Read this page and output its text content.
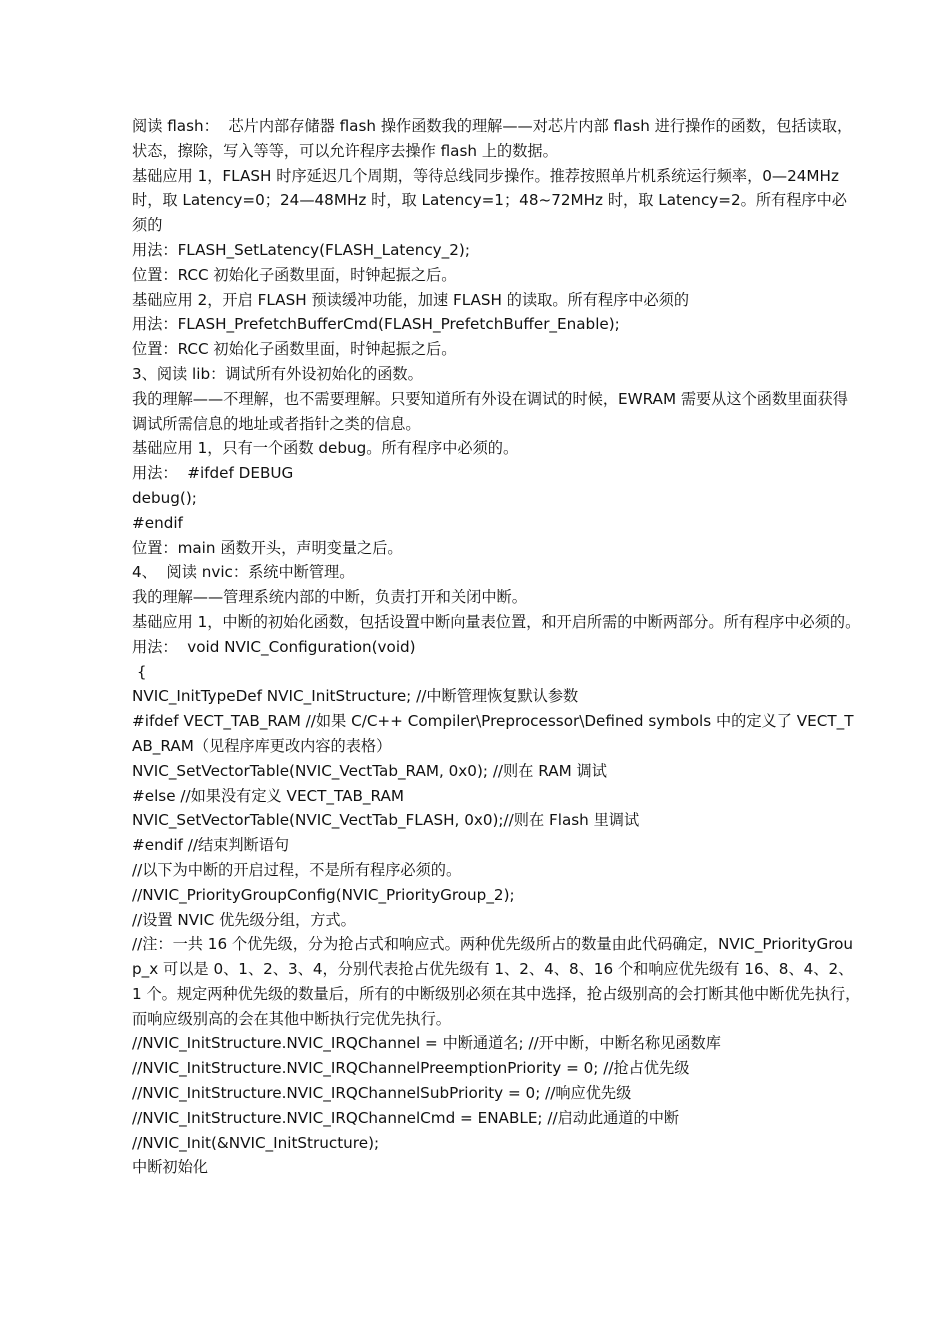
阅读 flash：  芯片内部存储器 flash 操作函数我的理解——对芯片内部 flash 进行操作的函数，包括读取，状态，擦除，写入等等，可以允许程序去操作 flash 上的数据。

基础应用 1，FLASH 时序延迟几个周期，等待总线同步操作。推荐按照单片机系统运行频率，0—24MHz 时，取 Latency=0；24—48MHz 时，取 Latency=1；48~72MHz 时，取 Latency=2。所有程序中必须的

用法：FLASH_SetLatency(FLASH_Latency_2);

位置：RCC 初始化子函数里面，时钟起振之后。

基础应用 2，开启 FLASH 预读缓冲功能，加速 FLASH 的读取。所有程序中必须的

用法：FLASH_PrefetchBufferCmd(FLASH_PrefetchBuffer_Enable);

位置：RCC 初始化子函数里面，时钟起振之后。

3、阅读 lib：调试所有外设初始化的函数。

我的理解——不理解，也不需要理解。只要知道所有外设在调试的时候，EWRAM 需要从这个函数里面获得调试所需信息的地址或者指针之类的信息。

基础应用 1，只有一个函数 debug。所有程序中必须的。

用法：  #ifdef DEBUG

debug();

#endif

位置：main 函数开头，声明变量之后。

4、  阅读 nvic：系统中断管理。

我的理解——管理系统内部的中断，负责打开和关闭中断。

基础应用 1，中断的初始化函数，包括设置中断向量表位置，和开启所需的中断两部分。所有程序中必须的。

用法：  void NVIC_Configuration(void)

{

NVIC_InitTypeDef NVIC_InitStructure; //中断管理恢复默认参数

#ifdef VECT_TAB_RAM //如果 C/C++ Compiler\Preprocessor\Defined symbols 中的定义了 VECT_TAB_RAM（见程序库更改内容的表格）

NVIC_SetVectorTable(NVIC_VectTab_RAM, 0x0); //则在 RAM 调试

#else //如果没有定义 VECT_TAB_RAM

NVIC_SetVectorTable(NVIC_VectTab_FLASH, 0x0);//则在 Flash 里调试

#endif //结束判断语句

//以下为中断的开启过程，不是所有程序必须的。

//NVIC_PriorityGroupConfig(NVIC_PriorityGroup_2);

//设置 NVIC 优先级分组，方式。

//注：一共 16 个优先级，分为抢占式和响应式。两种优先级所占的数量由此代码确定，NVIC_PriorityGroup_x 可以是 0、1、2、3、4，分别代表抢占优先级有 1、2、4、8、16 个和响应优先级有 16、8、4、2、1 个。规定两种优先级的数量后，所有的中断级别必须在其中选择，抢占级别高的会打断其他中断优先执行，而响应级别高的会在其他中断执行完优先执行。

//NVIC_InitStructure.NVIC_IRQChannel = 中断通道名; //开中断，中断名称见函数库

//NVIC_InitStructure.NVIC_IRQChannelPreemptionPriority = 0; //抢占优先级

//NVIC_InitStructure.NVIC_IRQChannelSubPriority = 0; //响应优先级

//NVIC_InitStructure.NVIC_IRQChannelCmd = ENABLE; //启动此通道的中断

//NVIC_Init(&NVIC_InitStructure);

中断初始化
